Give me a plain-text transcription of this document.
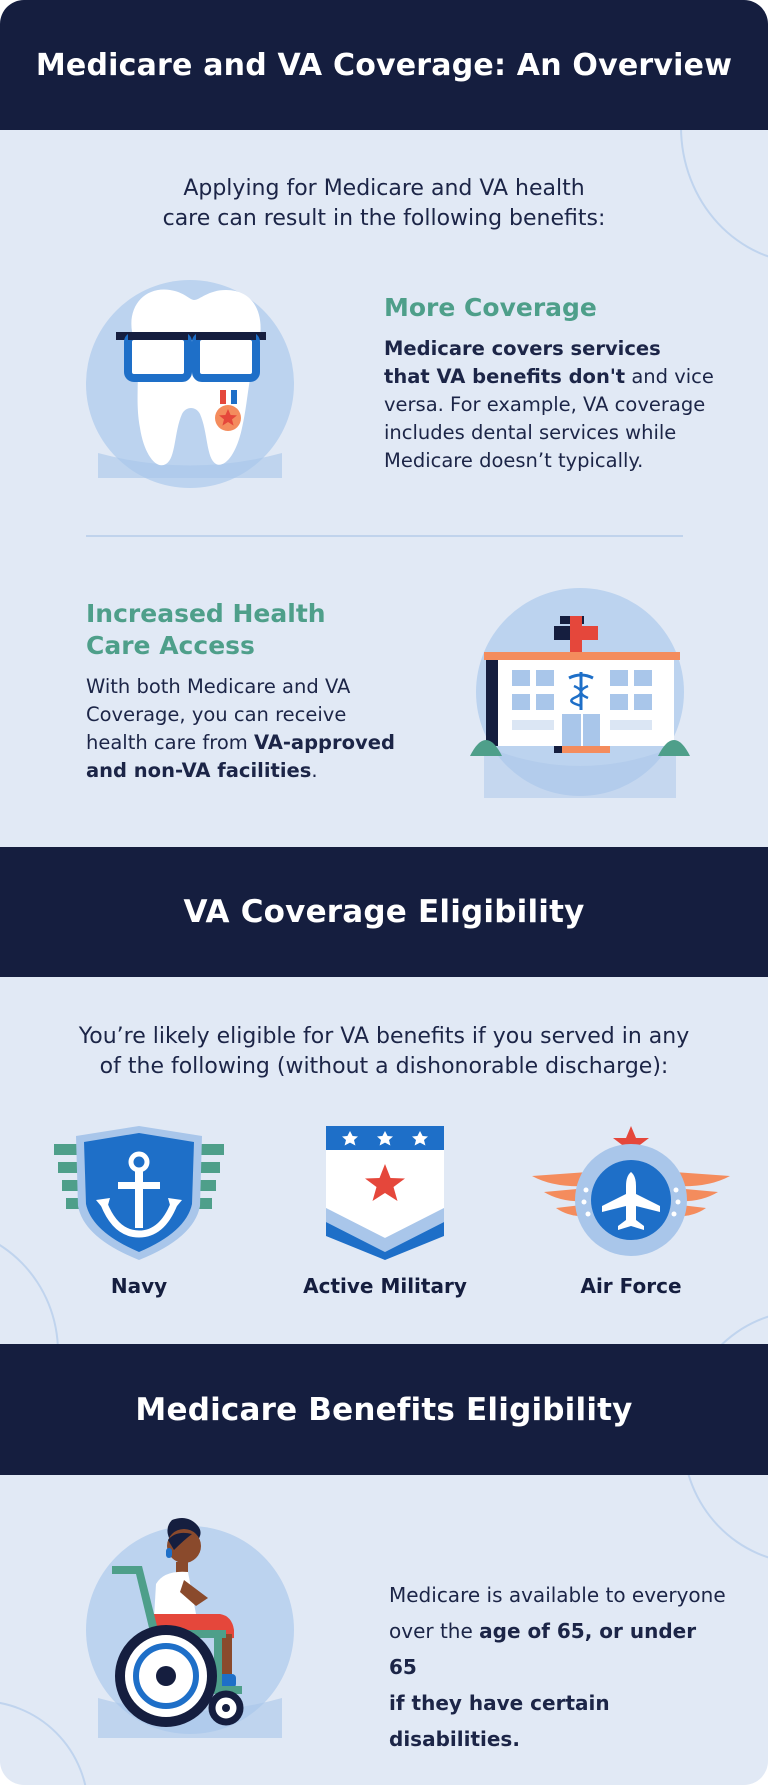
Medicare and VA Coverage: An Overview
Applying for Medicare and VA health
care can result in the following benefits:
More Coverage
Medicare covers services
that VA benefits don't and vice
versa. For example, VA coverage
includes dental services while
Medicare doesn’t typically.
Increased Health
Care Access
With both Medicare and VA
Coverage, you can receive
health care from VA-approved
and non-VA facilities.
VA Coverage Eligibility
You’re likely eligible for VA benefits if you served in any
of the following (without a dishonorable discharge):
Navy	Active Military	Air Force
Medicare Benefits Eligibility
Medicare is available to everyone
over the age of 65, or under 65
if they have certain disabilities.
